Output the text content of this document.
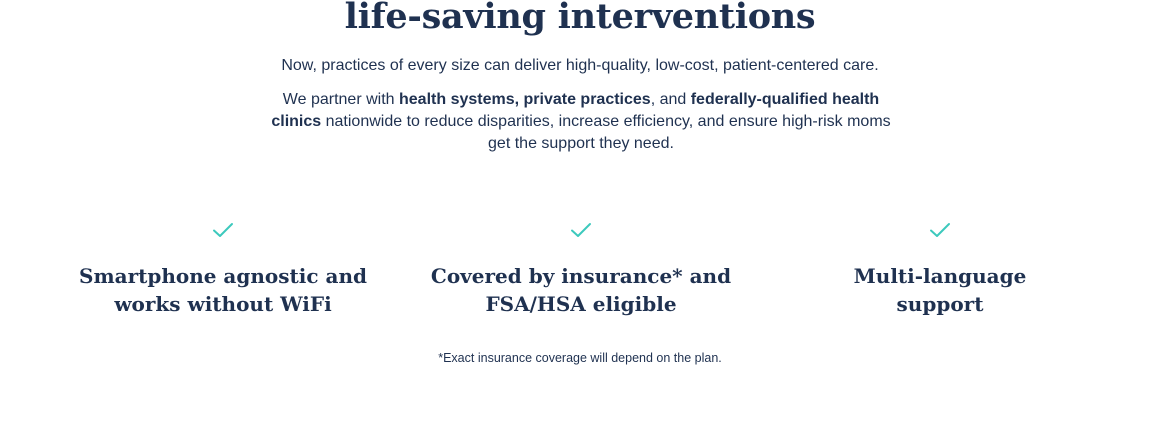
life-saving interventions

Now, practices of every size can deliver high-quality, low-cost, patient-centered care.

We partner with health systems, private practices, and federally-qualified health clinics nationwide to reduce disparities, increase efficiency, and ensure high-risk moms get the support they need.

Smartphone agnostic and works without WiFi
Covered by insurance* and FSA/HSA eligible
Multi-language support

*Exact insurance coverage will depend on the plan.
